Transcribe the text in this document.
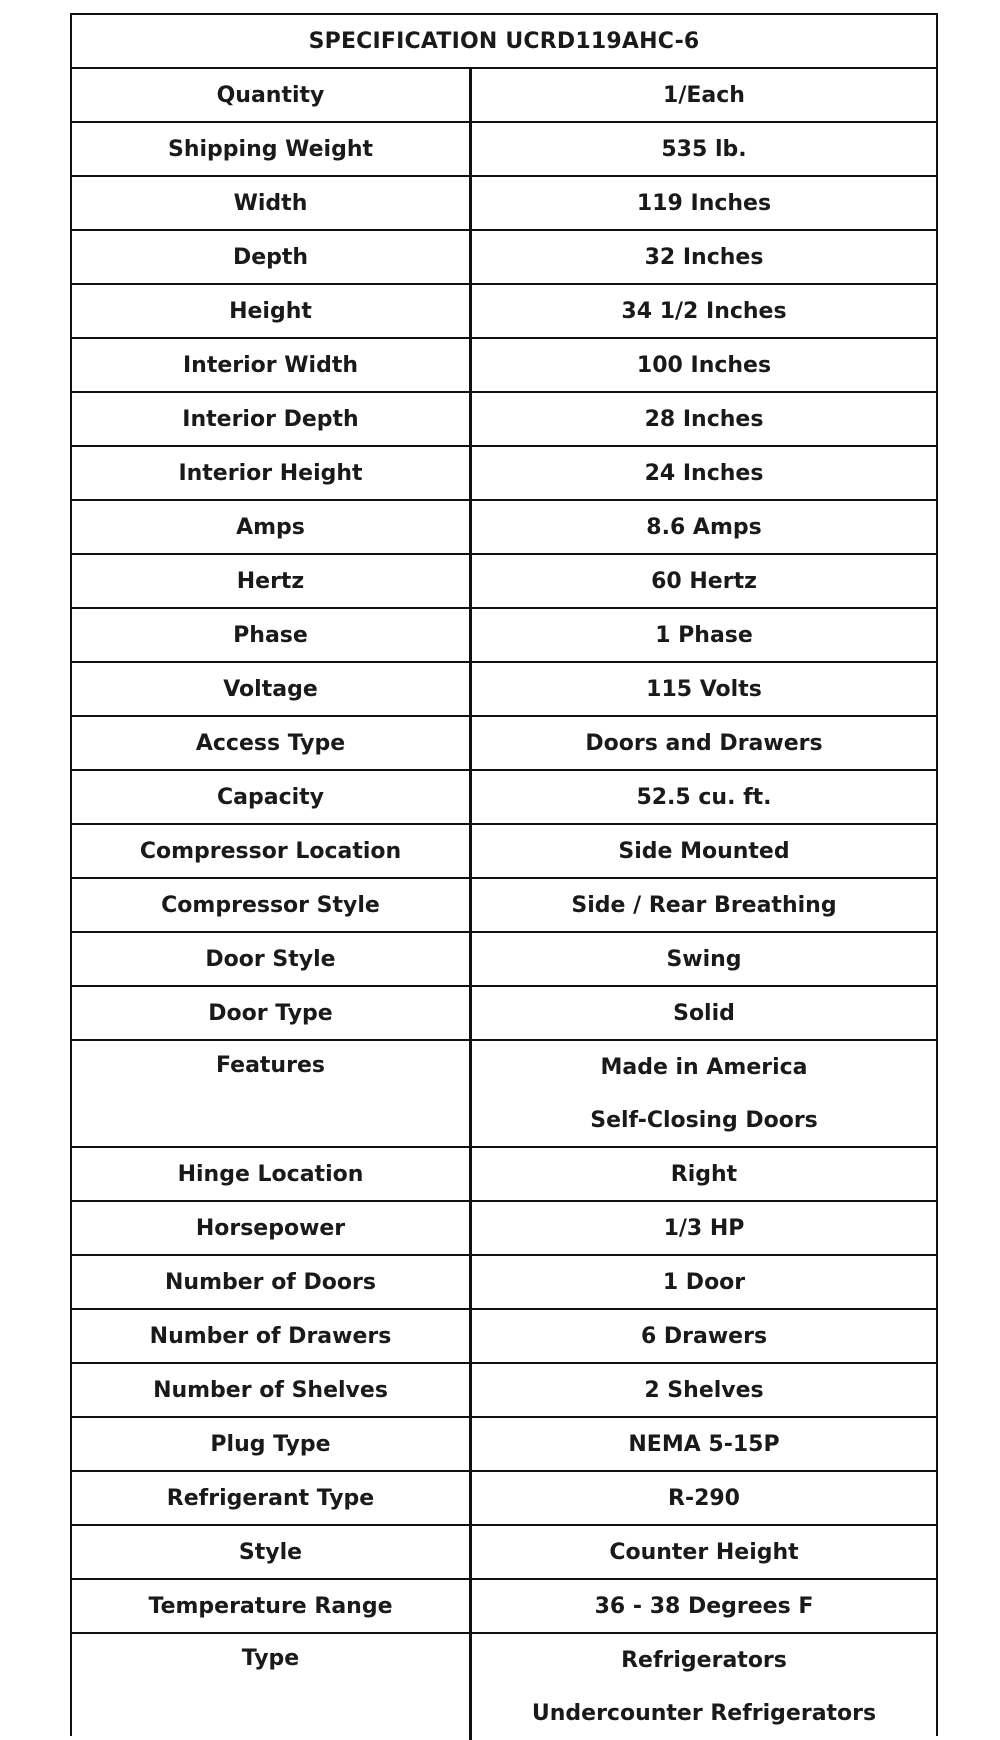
SPECIFICATION UCRD119AHC-6
Quantity	1/Each
Shipping Weight	535 lb.
Width	119 Inches
Depth	32 Inches
Height	34 1/2 Inches
Interior Width	100 Inches
Interior Depth	28 Inches
Interior Height	24 Inches
Amps	8.6 Amps
Hertz	60 Hertz
Phase	1 Phase
Voltage	115 Volts
Access Type	Doors and Drawers
Capacity	52.5 cu. ft.
Compressor Location	Side Mounted
Compressor Style	Side / Rear Breathing
Door Style	Swing
Door Type	Solid
Features	Made in America
Self-Closing Doors
Hinge Location	Right
Horsepower	1/3 HP
Number of Doors	1 Door
Number of Drawers	6 Drawers
Number of Shelves	2 Shelves
Plug Type	NEMA 5-15P
Refrigerant Type	R-290
Style	Counter Height
Temperature Range	36 - 38 Degrees F
Type	Refrigerators
Undercounter Refrigerators
